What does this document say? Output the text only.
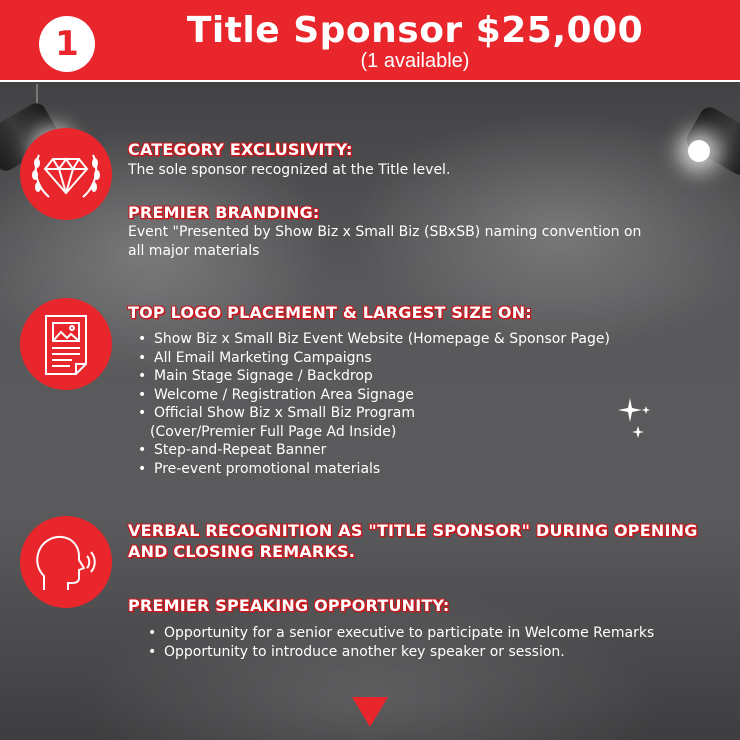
1	Title Sponsor $25,000
(1 available)
CATEGORY EXCLUSIVITY:
The sole sponsor recognized at the Title level.
PREMIER BRANDING:
Event "Presented by Show Biz x Small Biz (SBxSB) naming convention on
all major materials
TOP LOGO PLACEMENT & LARGEST SIZE ON:
• Show Biz x Small Biz Event Website (Homepage & Sponsor Page)
• All Email Marketing Campaigns
• Main Stage Signage / Backdrop
• Welcome / Registration Area Signage
• Official Show Biz x Small Biz Program
(Cover/Premier Full Page Ad Inside)
• Step-and-Repeat Banner
• Pre-event promotional materials
VERBAL RECOGNITION AS "TITLE SPONSOR" DURING OPENING
AND CLOSING REMARKS.
PREMIER SPEAKING OPPORTUNITY:
• Opportunity for a senior executive to participate in Welcome Remarks
• Opportunity to introduce another key speaker or session.
